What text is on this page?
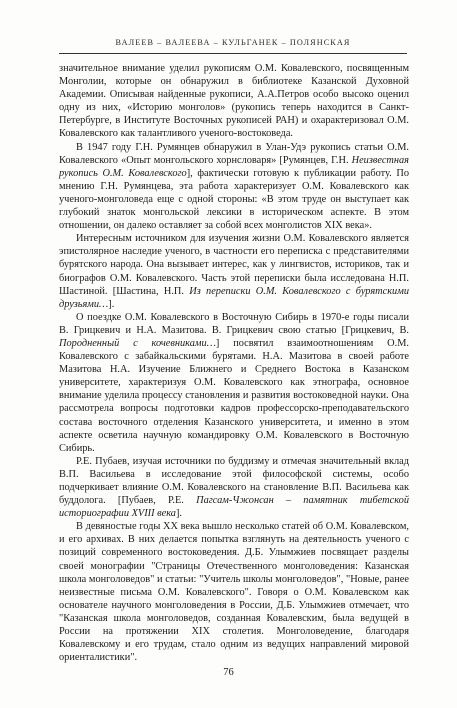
ВАЛЕЕВ – ВАЛЕЕВА – КУЛЬГАНЕК – ПОЛЯНСКАЯ

значительное внимание уделил рукописям О.М. Ковалевского, посвященным Монголии, которые он обнаружил в библиотеке Казанской Духовной Академии. Описывая найденные рукописи, А.А.Петров особо высоко оценил одну из них, «Историю монголов» (рукопись теперь находится в Санкт-Петербурге, в Институте Восточных рукописей РАН) и охарактеризовал О.М. Ковалевского как талантливого ученого-востоковеда.

В 1947 году Г.Н. Румянцев обнаружил в Улан-Удэ рукопись статьи О.М. Ковалевского «Опыт монгольского хорнсловаря» [Румянцев, Г.Н. Неизвестная рукопись О.М. Ковалевского], фактически готовую к публикации работу. По мнению Г.Н. Румянцева, эта работа характеризует О.М. Ковалевского как ученого-монголоведа еще с одной стороны: «В этом труде он выступает как глубокий знаток монгольской лексики в историческом аспекте. В этом отношении, он далеко оставляет за собой всех монголистов XIX века».

Интересным источником для изучения жизни О.М. Ковалевского является эпистолярное наследие ученого, в частности его переписка с представителями бурятского народа. Она вызывает интерес, как у лингвистов, историков, так и биографов О.М. Ковалевского. Часть этой переписки была исследована Н.П. Шастиной. [Шастина, Н.П. Из переписки О.М. Ковалевского с бурятскими друзьями…].

О поездке О.М. Ковалевского в Восточную Сибирь в 1970-е годы писали В. Грицкевич и Н.А. Мазитова. В. Грицкевич свою статью [Грицкевич, В. Породненный с кочевниками…] посвятил взаимоотношениям О.М. Ковалевского с забайкальскими бурятами. Н.А. Мазитова в своей работе Мазитова Н.А. Изучение Ближнего и Среднего Востока в Казанском университете, характеризуя О.М. Ковалевского как этнографа, основное внимание уделила процессу становления и развития востоковедной науки. Она рассмотрела вопросы подготовки кадров профессорско-преподавательского состава восточного отделения Казанского университета, и именно в этом аспекте осветила научную командировку О.М. Ковалевского в Восточную Сибирь.

Р.Е. Пубаев, изучая источники по буддизму и отмечая значительный вклад В.П. Васильева в исследование этой философской системы, особо подчеркивает влияние О.М. Ковалевского на становление В.П. Васильева как буддолога. [Пубаев, Р.Е. Пагсам-Чжонсан – памятник тибетской историографии XVIII века].

В девяностые годы XX века вышло несколько статей об О.М. Ковалевском, и его архивах. В них делается попытка взглянуть на деятельность ученого с позиций современного востоковедения. Д.Б. Улымжиев посвящает разделы своей монографии "Страницы Отечественного монголоведения: Казанская школа монголоведов" и статьи: "Учитель школы монголоведов", "Новые, ранее неизвестные письма О.М. Ковалевского". Говоря о О.М. Ковалевском как основателе научного монголоведения в России, Д.Б. Улымжиев отмечает, что "Казанская школа монголоведов, созданная Ковалевским, была ведущей в России на протяжении XIX столетия. Монголоведение, благодаря Ковалевскому и его трудам, стало одним из ведущих направлений мировой ориенталистики".

76
